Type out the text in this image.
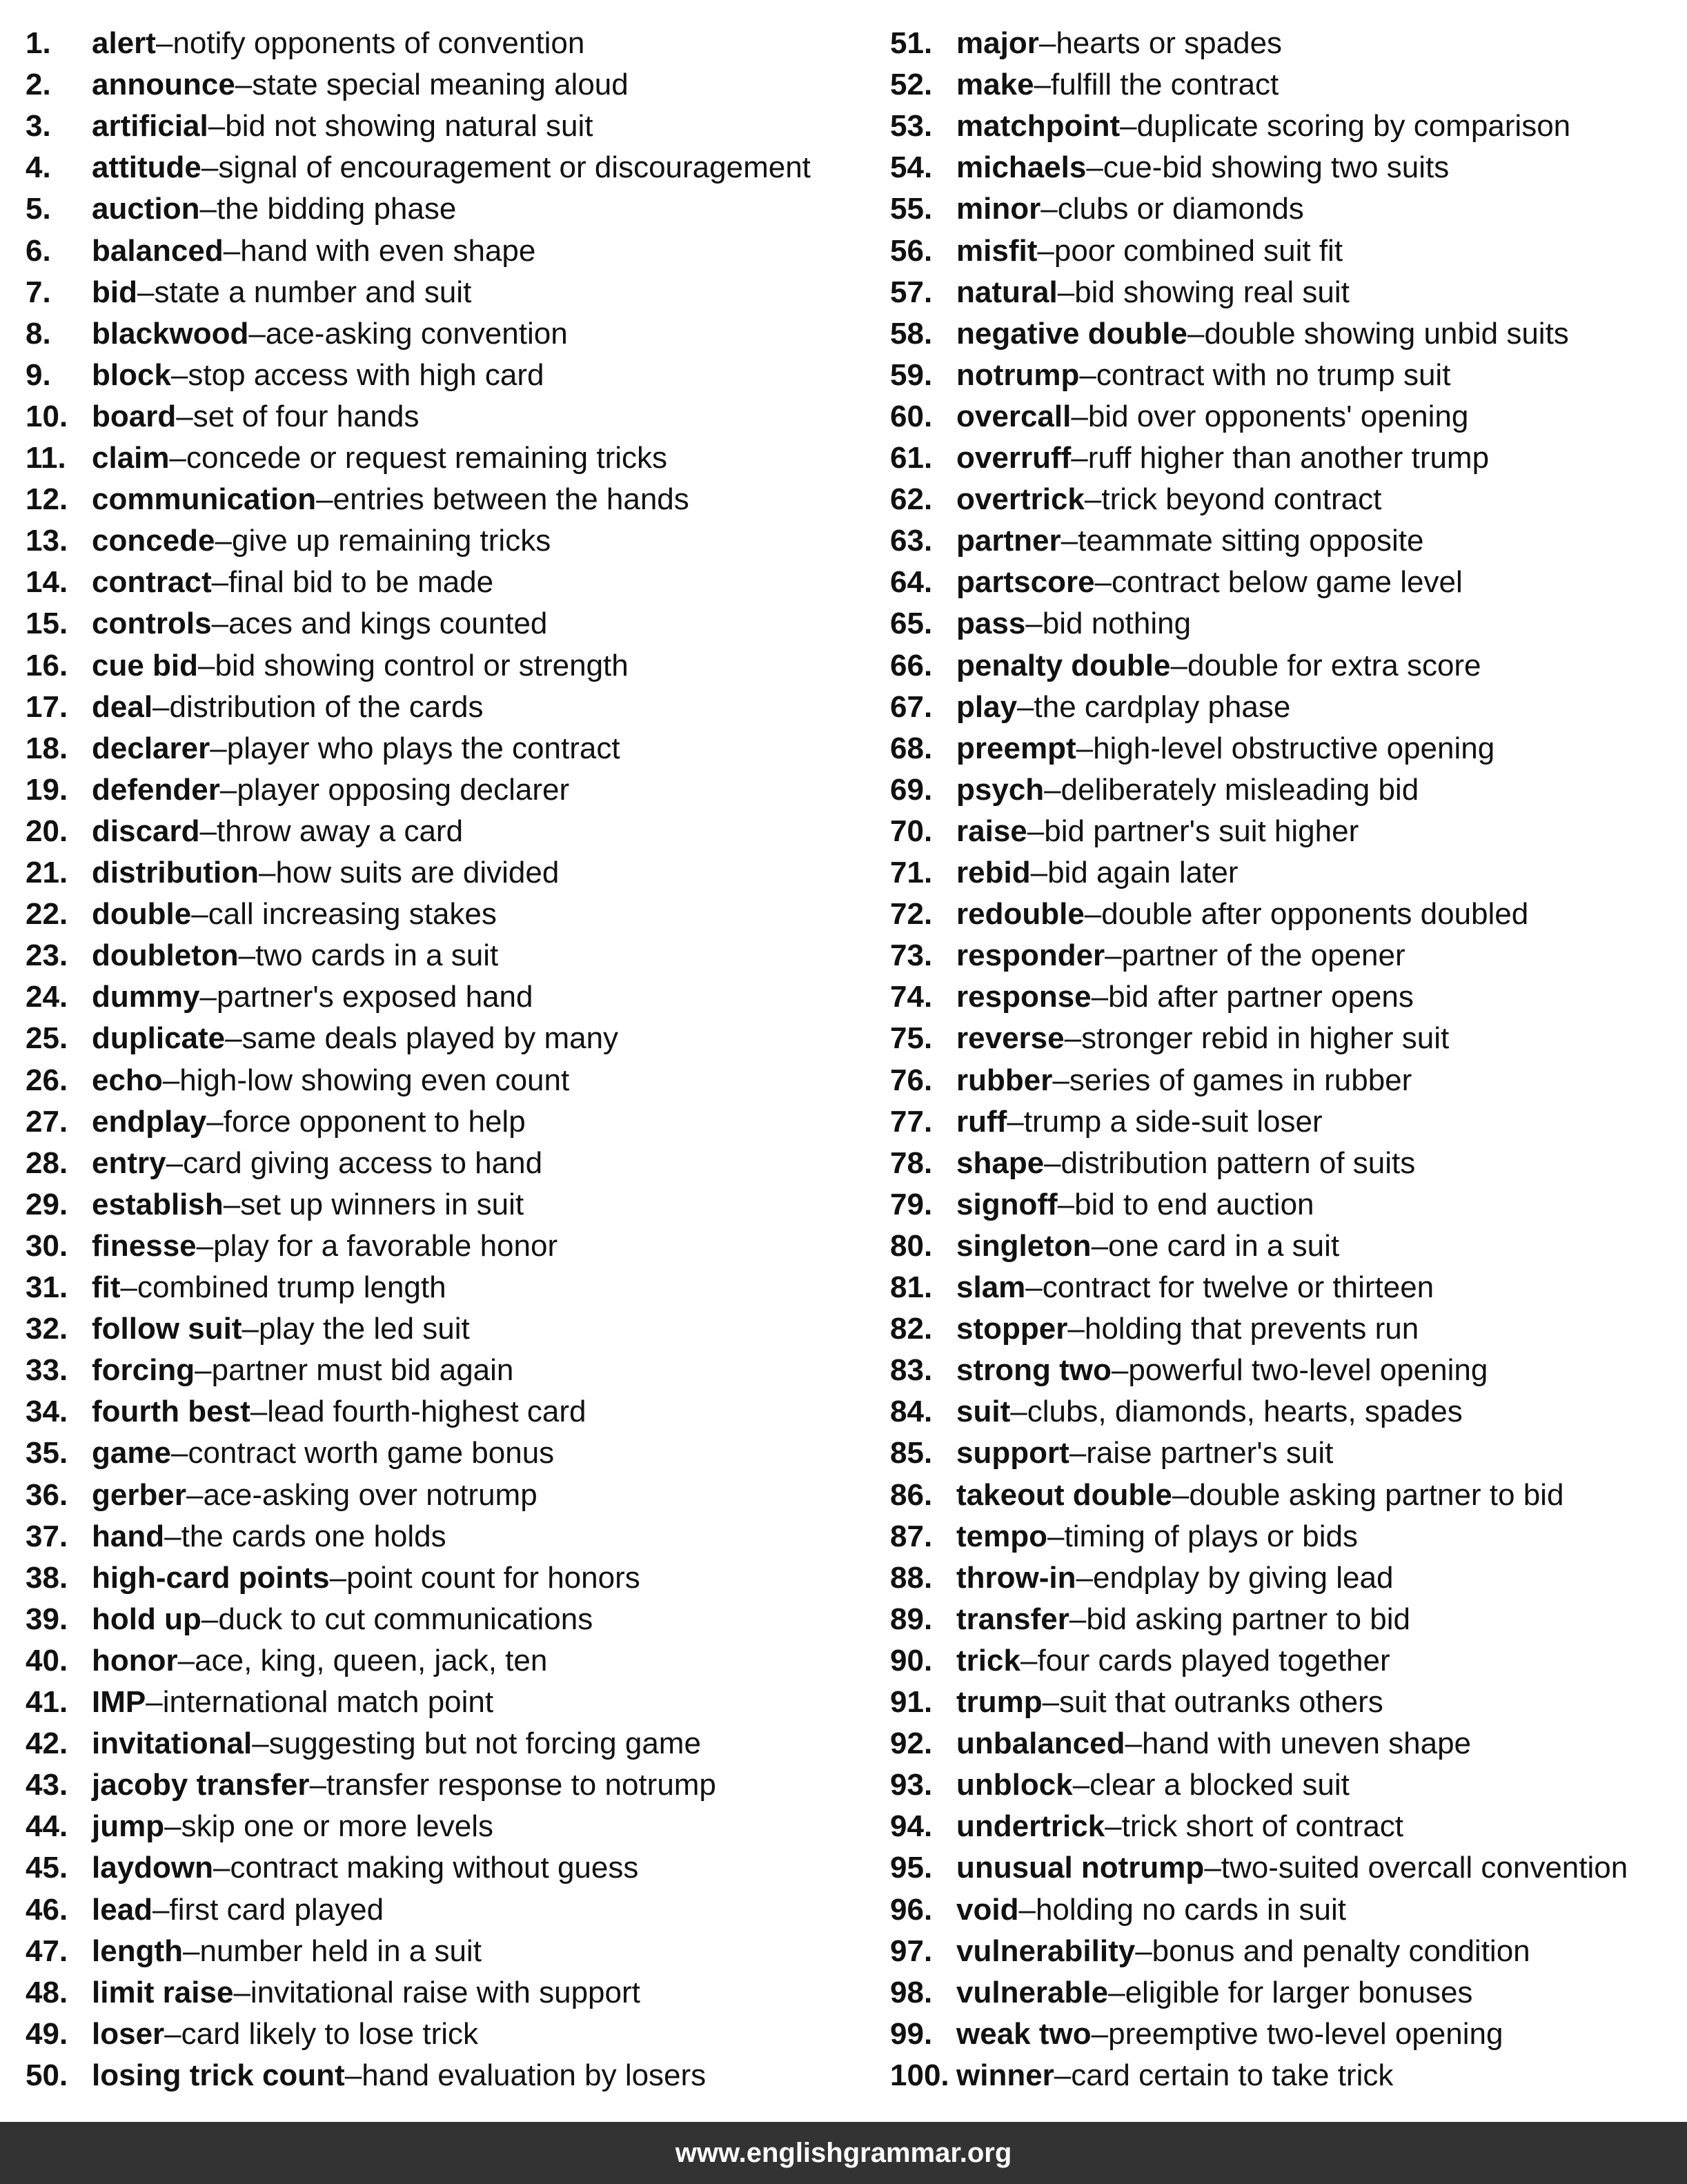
1.	alert – notify opponents of convention
2.	announce – state special meaning aloud
3.	artificial – bid not showing natural suit
4.	attitude – signal of encouragement or discouragement
5.	auction – the bidding phase
6.	balanced – hand with even shape
7.	bid – state a number and suit
8.	blackwood – ace-asking convention
9.	block – stop access with high card
10. board – set of four hands
11. claim – concede or request remaining tricks
12. communication – entries between the hands
13. concede – give up remaining tricks
14. contract – final bid to be made
15. controls – aces and kings counted
16. cue bid – bid showing control or strength
17. deal – distribution of the cards
18. declarer – player who plays the contract
19. defender – player opposing declarer
20. discard – throw away a card
21. distribution – how suits are divided
22. double – call increasing stakes
23. doubleton – two cards in a suit
24. dummy – partner's exposed hand
25. duplicate – same deals played by many
26. echo – high-low showing even count
27. endplay – force opponent to help
28. entry – card giving access to hand
29. establish – set up winners in suit
30. finesse – play for a favorable honor
31. fit – combined trump length
32. follow suit – play the led suit
33. forcing – partner must bid again
34. fourth best – lead fourth-highest card
35. game – contract worth game bonus
36. gerber – ace-asking over notrump
37. hand – the cards one holds
38. high-card points – point count for honors
39. hold up – duck to cut communications
40. honor – ace, king, queen, jack, ten
41. IMP – international match point
42. invitational – suggesting but not forcing game
43. jacoby transfer – transfer response to notrump
44. jump – skip one or more levels
45. laydown – contract making without guess
46. lead – first card played
47. length – number held in a suit
48. limit raise – invitational raise with support
49. loser – card likely to lose trick
50. losing trick count – hand evaluation by losers
51. major – hearts or spades
52. make – fulfill the contract
53. matchpoint – duplicate scoring by comparison
54. michaels – cue-bid showing two suits
55. minor – clubs or diamonds
56. misfit – poor combined suit fit
57. natural – bid showing real suit
58. negative double – double showing unbid suits
59. notrump – contract with no trump suit
60. overcall – bid over opponents' opening
61. overruff – ruff higher than another trump
62. overtrick – trick beyond contract
63. partner – teammate sitting opposite
64. partscore – contract below game level
65. pass – bid nothing
66. penalty double – double for extra score
67. play – the cardplay phase
68. preempt – high-level obstructive opening
69. psych – deliberately misleading bid
70. raise – bid partner's suit higher
71. rebid – bid again later
72. redouble – double after opponents doubled
73. responder – partner of the opener
74. response – bid after partner opens
75. reverse – stronger rebid in higher suit
76. rubber – series of games in rubber
77. ruff – trump a side-suit loser
78. shape – distribution pattern of suits
79. signoff – bid to end auction
80. singleton – one card in a suit
81. slam – contract for twelve or thirteen
82. stopper – holding that prevents run
83. strong two – powerful two-level opening
84. suit – clubs, diamonds, hearts, spades
85. support – raise partner's suit
86. takeout double – double asking partner to bid
87. tempo – timing of plays or bids
88. throw-in – endplay by giving lead
89. transfer – bid asking partner to bid
90. trick – four cards played together
91. trump – suit that outranks others
92. unbalanced – hand with uneven shape
93. unblock – clear a blocked suit
94. undertrick – trick short of contract
95. unusual notrump – two-suited overcall convention
96. void – holding no cards in suit
97. vulnerability – bonus and penalty condition
98. vulnerable – eligible for larger bonuses
99. weak two – preemptive two-level opening
100. winner – card certain to take trick
www.englishgrammar.org
